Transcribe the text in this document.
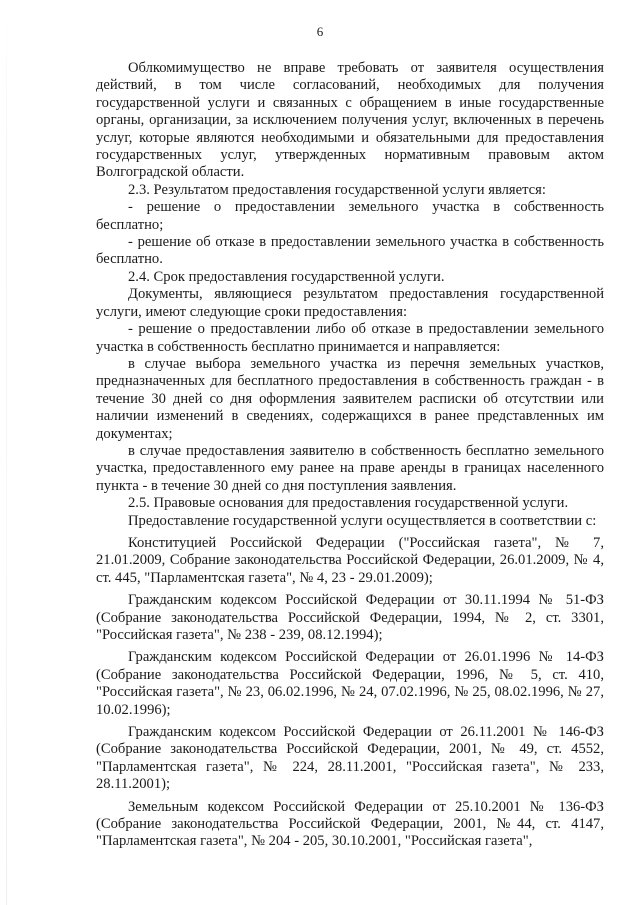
6

Облкомимущество не вправе требовать от заявителя осуществления действий, в том числе согласований, необходимых для получения государственной услуги и связанных с обращением в иные государственные органы, организации, за исключением получения услуг, включенных в перечень услуг, которые являются необходимыми и обязательными для предоставления государственных услуг, утвержденных нормативным правовым актом Волгоградской области.

2.3. Результатом предоставления государственной услуги является:

- решение о предоставлении земельного участка в собственность бесплатно;

- решение об отказе в предоставлении земельного участка в собственность бесплатно.

2.4. Срок предоставления государственной услуги.

Документы, являющиеся результатом предоставления государственной услуги, имеют следующие сроки предоставления:

- решение о предоставлении либо об отказе в предоставлении земельного участка в собственность бесплатно принимается и направляется:

в случае выбора земельного участка из перечня земельных участков, предназначенных для бесплатного предоставления в собственность граждан - в течение 30 дней со дня оформления заявителем расписки об отсутствии или наличии изменений в сведениях, содержащихся в ранее представленных им документах;

в случае предоставления заявителю в собственность бесплатно земельного участка, предоставленного ему ранее на праве аренды в границах населенного пункта - в течение 30 дней со дня поступления заявления.

2.5. Правовые основания для предоставления государственной услуги.

Предоставление государственной услуги осуществляется в соответствии с:

Конституцией Российской Федерации ("Российская газета", № 7, 21.01.2009, Собрание законодательства Российской Федерации, 26.01.2009, № 4, ст. 445, "Парламентская газета", № 4, 23 - 29.01.2009);

Гражданским кодексом Российской Федерации от 30.11.1994 № 51-ФЗ (Собрание законодательства Российской Федерации, 1994, № 2, ст. 3301, "Российская газета", № 238 - 239, 08.12.1994);

Гражданским кодексом Российской Федерации от 26.01.1996 № 14-ФЗ (Собрание законодательства Российской Федерации, 1996, № 5, ст. 410, "Российская газета", № 23, 06.02.1996, № 24, 07.02.1996, № 25, 08.02.1996, № 27, 10.02.1996);

Гражданским кодексом Российской Федерации от 26.11.2001 № 146-ФЗ (Собрание законодательства Российской Федерации, 2001, № 49, ст. 4552, "Парламентская газета", № 224, 28.11.2001, "Российская газета", № 233, 28.11.2001);

Земельным кодексом Российской Федерации от 25.10.2001 № 136-ФЗ (Собрание законодательства Российской Федерации, 2001, №44, ст. 4147, "Парламентская газета", № 204 - 205, 30.10.2001, "Российская газета",
